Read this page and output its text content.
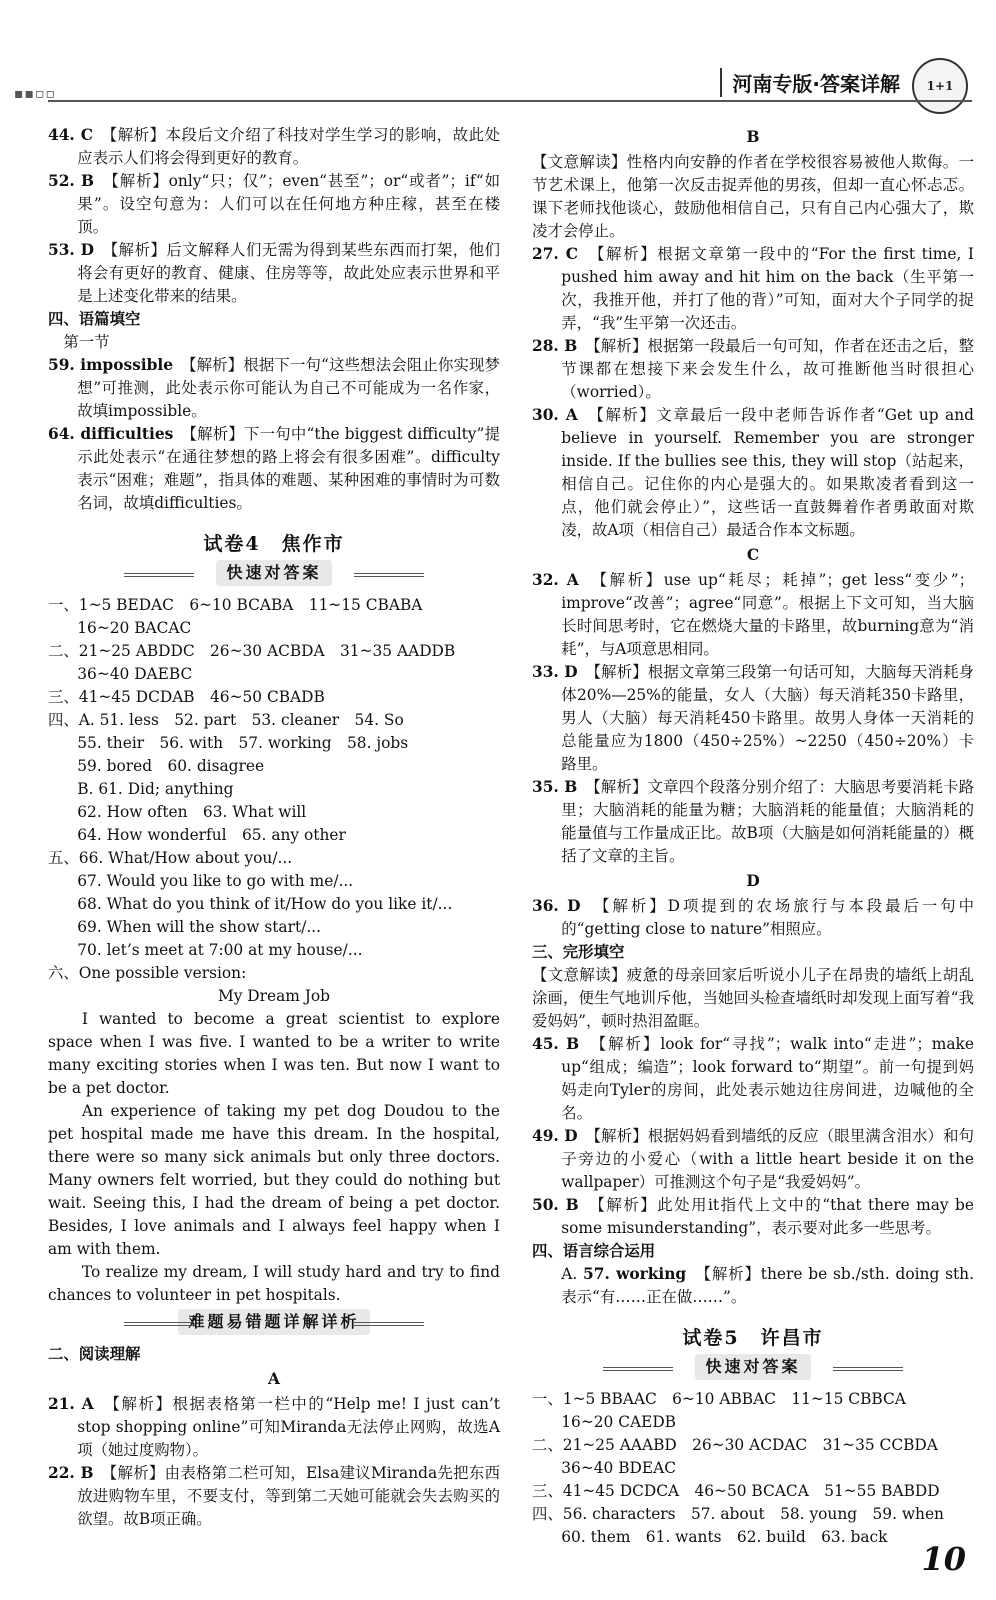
▪▪▫▫	河南专版·答案详解 1+1

44. C　【解析】本段后文介绍了科技对学生学习的影响，故此处应表示人们将会得到更好的教育。

52. B　【解析】only“只；仅”；even“甚至”；or“或者”；if“如果”。设空句意为：人们可以在任何地方种庄稼，甚至在楼顶。

53. D　【解析】后文解释人们无需为得到某些东西而打架，他们将会有更好的教育、健康、住房等等，故此处应表示世界和平是上述变化带来的结果。

四、语篇填空

　第一节

59. impossible　【解析】根据下一句“这些想法会阻止你实现梦想”可推测，此处表示你可能认为自己不可能成为一名作家，故填impossible。

64. difficulties　【解析】下一句中“the biggest difficulty”提示此处表示“在通往梦想的路上将会有很多困难”。difficulty表示“困难；难题”，指具体的难题、某种困难的事情时为可数名词，故填difficulties。

试卷4　焦作市
快速对答案

一、1~5 BEDAC　6~10 BCABA　11~15 CBABA

16~20 BACAC

二、21~25 ABDDC　26~30 ACBDA　31~35 AADDB

36~40 DAEBC

三、41~45 DCDAB　46~50 CBADB

四、A. 51. less　52. part　53. cleaner　54. So

55. their　56. with　57. working　58. jobs

59. bored　60. disagree

B. 61. Did; anything

62. How often　63. What will

64. How wonderful　65. any other

五、66. What/How about you/...

67. Would you like to go with me/...

68. What do you think of it/How do you like it/...

69. When will the show start/...

70. let’s meet at 7:00 at my house/...

六、One possible version:

My Dream Job

I wanted to become a great scientist to explore space when I was five. I wanted to be a writer to write many exciting stories when I was ten. But now I want to be a pet doctor.

An experience of taking my pet dog Doudou to the pet hospital made me have this dream. In the hospital, there were so many sick animals but only three doctors. Many owners felt worried, but they could do nothing but wait. Seeing this, I had the dream of being a pet doctor. Besides, I love animals and I always feel happy when I am with them.

To realize my dream, I will study hard and try to find chances to volunteer in pet hospitals.

难题易错题详解详析

二、阅读理解

A

21. A　【解析】根据表格第一栏中的“Help me! I just can’t stop shopping online”可知Miranda无法停止网购，故选A项（她过度购物）。

22. B　【解析】由表格第二栏可知，Elsa建议Miranda先把东西放进购物车里，不要支付，等到第二天她可能就会失去购买的欲望。故B项正确。

B

【文意解读】性格内向安静的作者在学校很容易被他人欺侮。一节艺术课上，他第一次反击捉弄他的男孩，但却一直心怀忐忑。课下老师找他谈心，鼓励他相信自己，只有自己内心强大了，欺凌才会停止。

27. C　【解析】根据文章第一段中的“For the first time, I pushed him away and hit him on the back（生平第一次，我推开他，并打了他的背）”可知，面对大个子同学的捉弄，“我”生平第一次还击。

28. B　【解析】根据第一段最后一句可知，作者在还击之后，整节课都在想接下来会发生什么，故可推断他当时很担心（worried）。

30. A　【解析】文章最后一段中老师告诉作者“Get up and believe in yourself. Remember you are stronger inside. If the bullies see this, they will stop（站起来，相信自己。记住你的内心是强大的。如果欺凌者看到这一点，他们就会停止）”，这些话一直鼓舞着作者勇敢面对欺凌，故A项（相信自己）最适合作本文标题。

C

32. A　【解析】use up“耗尽；耗掉”；get less“变少”；improve“改善”；agree“同意”。根据上下文可知，当大脑长时间思考时，它在燃烧大量的卡路里，故burning意为“消耗”，与A项意思相同。

33. D　【解析】根据文章第三段第一句话可知，大脑每天消耗身体20%—25%的能量，女人（大脑）每天消耗350卡路里，男人（大脑）每天消耗450卡路里。故男人身体一天消耗的总能量应为1800（450÷25%）~2250（450÷20%）卡路里。

35. B　【解析】文章四个段落分别介绍了：大脑思考要消耗卡路里；大脑消耗的能量为糖；大脑消耗的能量值；大脑消耗的能量值与工作量成正比。故B项（大脑是如何消耗能量的）概括了文章的主旨。

D

36. D　【解析】D项提到的农场旅行与本段最后一句中的“getting close to nature”相照应。

三、完形填空

【文意解读】疲惫的母亲回家后听说小儿子在昂贵的墙纸上胡乱涂画，便生气地训斥他，当她回头检查墙纸时却发现上面写着“我爱妈妈”，顿时热泪盈眶。

45. B　【解析】look for“寻找”；walk into“走进”；make up“组成；编造”；look forward to“期望”。前一句提到妈妈走向Tyler的房间，此处表示她边往房间进，边喊他的全名。

49. D　【解析】根据妈妈看到墙纸的反应（眼里满含泪水）和句子旁边的小爱心（with a little heart beside it on the wallpaper）可推测这个句子是“我爱妈妈”。

50. B　【解析】此处用it指代上文中的“that there may be some misunderstanding”，表示要对此多一些思考。

四、语言综合运用

A. 57. working　【解析】there be sb./sth. doing sth. 表示“有……正在做……”。

试卷5　许昌市
快速对答案

一、1~5 BBAAC　6~10 ABBAC　11~15 CBBCA

16~20 CAEDB

二、21~25 AAABD　26~30 ACDAC　31~35 CCBDA

36~40 BDEAC

三、41~45 DCDCA　46~50 BCACA　51~55 BABDD

四、56. characters　57. about　58. young　59. when

60. them　61. wants　62. build　63. back

10
